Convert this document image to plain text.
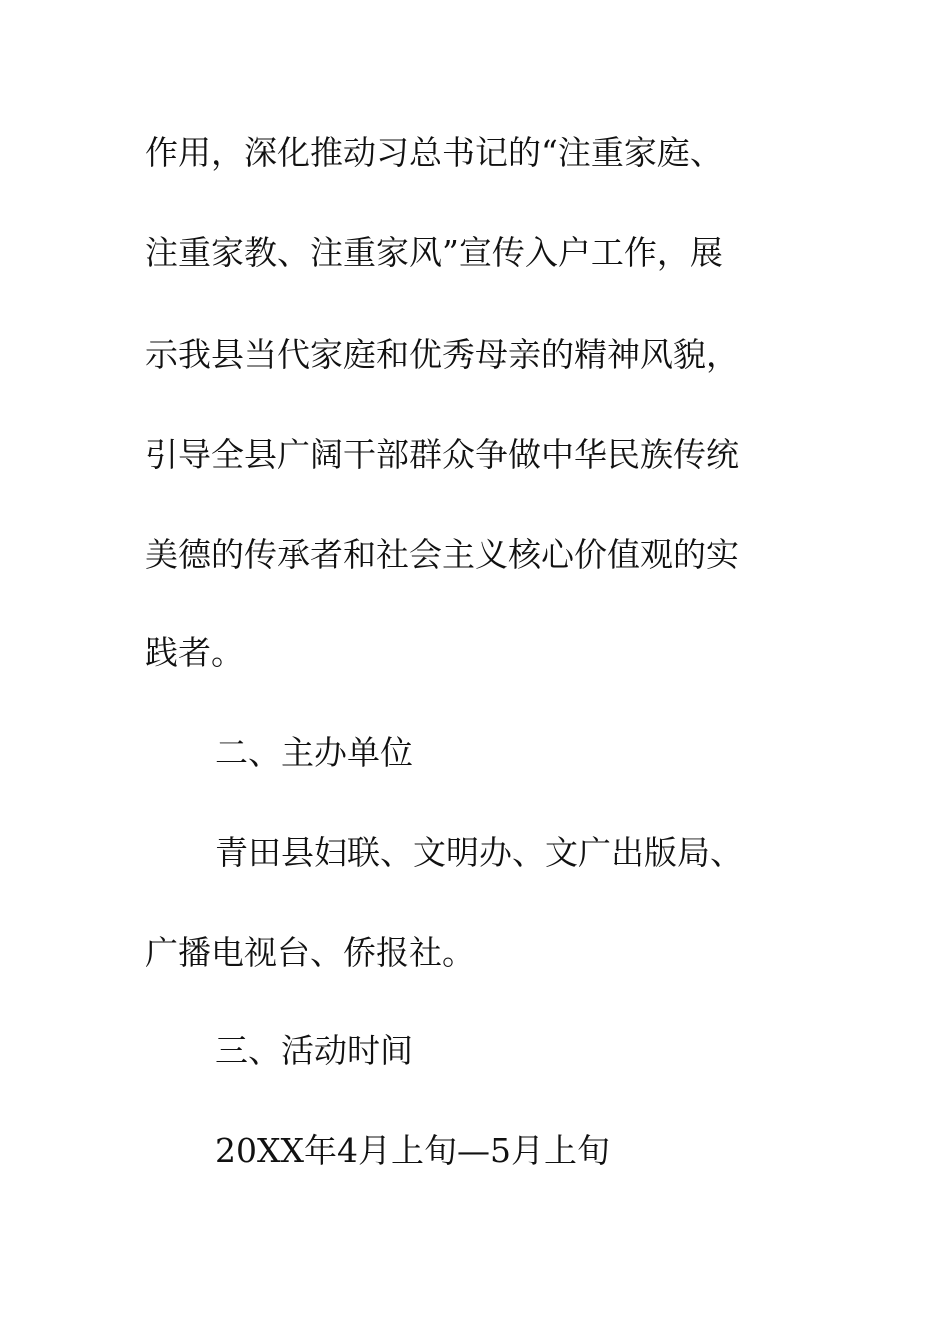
作用，深化推动习总书记的“注重家庭、
注重家教、注重家风”宣传入户工作，展
示我县当代家庭和优秀母亲的精神风貌，
引导全县广阔干部群众争做中华民族传统
美德的传承者和社会主义核心价值观的实
践者。
二、主办单位
青田县妇联、文明办、文广出版局、
广播电视台、侨报社。
三、活动时间
20XX年4月上旬—5月上旬
